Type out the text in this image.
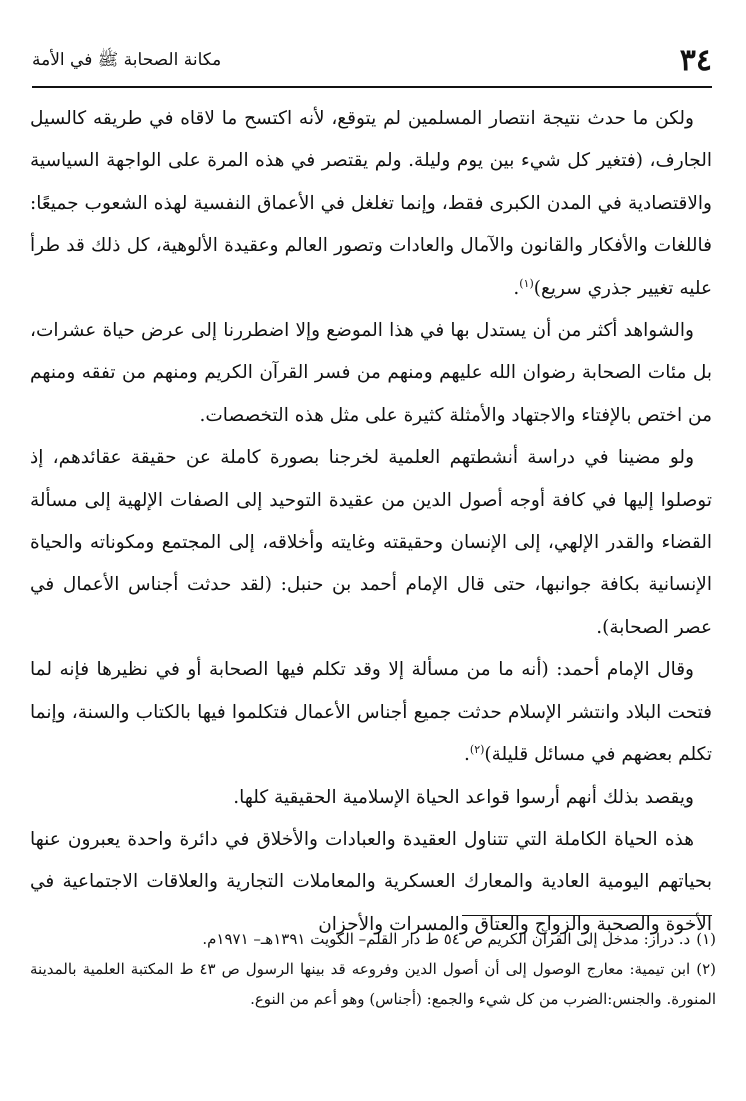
٣٤
مكانة الصحابة ﷺ في الأمة

ولكن ما حدث نتيجة انتصار المسلمين لم يتوقع، لأنه اكتسح ما لاقاه في طريقه كالسيل الجارف، (فتغير كل شيء بين يوم وليلة. ولم يقتصر في هذه المرة على الواجهة السياسية والاقتصادية في المدن الكبرى فقط، وإنما تغلغل في الأعماق النفسية لهذه الشعوب جميعًا: فاللغات والأفكار والقانون والآمال والعادات وتصور العالم وعقيدة الألوهية، كل ذلك قد طرأ عليه تغيير جذري سريع)$^{(١)}$.

والشواهد أكثر من أن يستدل بها في هذا الموضع وإلا اضطررنا إلى عرض حياة عشرات، بل مئات الصحابة رضوان الله عليهم ومنهم من فسر القرآن الكريم ومنهم من تفقه ومنهم من اختص بالإفتاء والاجتهاد والأمثلة كثيرة على مثل هذه التخصصات.

ولو مضينا في دراسة أنشطتهم العلمية لخرجنا بصورة كاملة عن حقيقة عقائدهم، إذ توصلوا إليها في كافة أوجه أصول الدين من عقيدة التوحيد إلى الصفات الإلهية إلى مسألة القضاء والقدر الإلهي، إلى الإنسان وحقيقته وغايته وأخلاقه، إلى المجتمع ومكوناته والحياة الإنسانية بكافة جوانبها، حتى قال الإمام أحمد بن حنبل: (لقد حدثت أجناس الأعمال في عصر الصحابة).

وقال الإمام أحمد: (أنه ما من مسألة إلا وقد تكلم فيها الصحابة أو في نظيرها فإنه لما فتحت البلاد وانتشر الإسلام حدثت جميع أجناس الأعمال فتكلموا فيها بالكتاب والسنة، وإنما تكلم بعضهم في مسائل قليلة)$^{(٢)}$.

ويقصد بذلك أنهم أرسوا قواعد الحياة الإسلامية الحقيقية كلها.

هذه الحياة الكاملة التي تتناول العقيدة والعبادات والأخلاق في دائرة واحدة يعبرون عنها بحياتهم اليومية العادية والمعارك العسكرية والمعاملات التجارية والعلاقات الاجتماعية في الأخوة والصحبة والزواج والعتاق والمسرات والأحزان

(١)د. دراز: مدخل إلى القرآن الكريم ص ٥٤ ط دار القلم– الكويت ١٣٩١هـ– ١٩٧١م.

(٢)ابن تيمية: معارج الوصول إلى أن أصول الدين وفروعه قد بينها الرسول ص ٤٣ ط المكتبة العلمية بالمدينة المنورة. والجنس:الضرب من كل شيء والجمع: (أجناس) وهو أعم من النوع.
